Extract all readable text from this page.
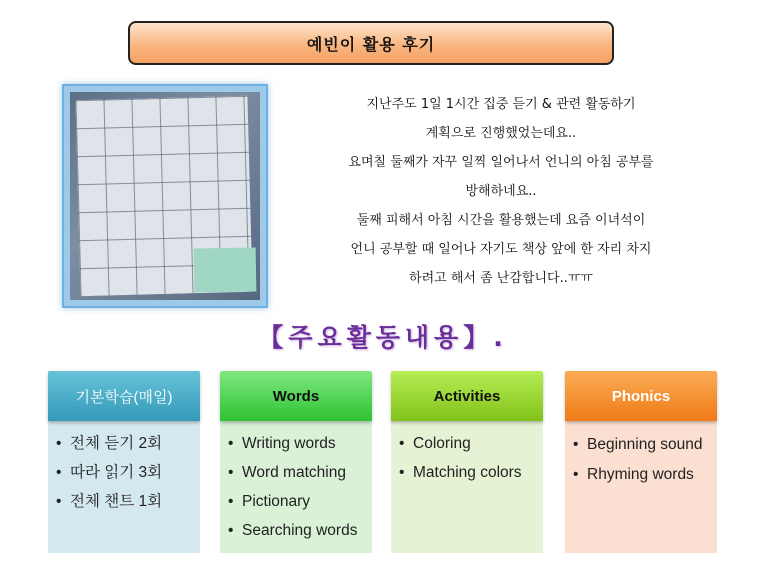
예빈이 활용 후기
지난주도 1일 1시간 집중 듣기 & 관련 활동하기
계획으로 진행했었는데요..
요며칠 둘째가 자꾸 일찍 일어나서 언니의 아침 공부를
방해하네요..
둘째 피해서 아침 시간을 활용했는데 요즘 이녀석이
언니 공부할 때 일어나 자기도 책상 앞에 한 자리 차지
하려고 해서 좀 난감합니다..ㅠㅠ
【주요활동내용】.
기본학습(매일)
• 전체 듣기 2회
• 따라 읽기 3회
• 전체 챈트 1회
Words
• Writing words
• Word matching
• Pictionary
• Searching words
Activities
• Coloring
• Matching colors
Phonics
• Beginning sound
• Rhyming words
